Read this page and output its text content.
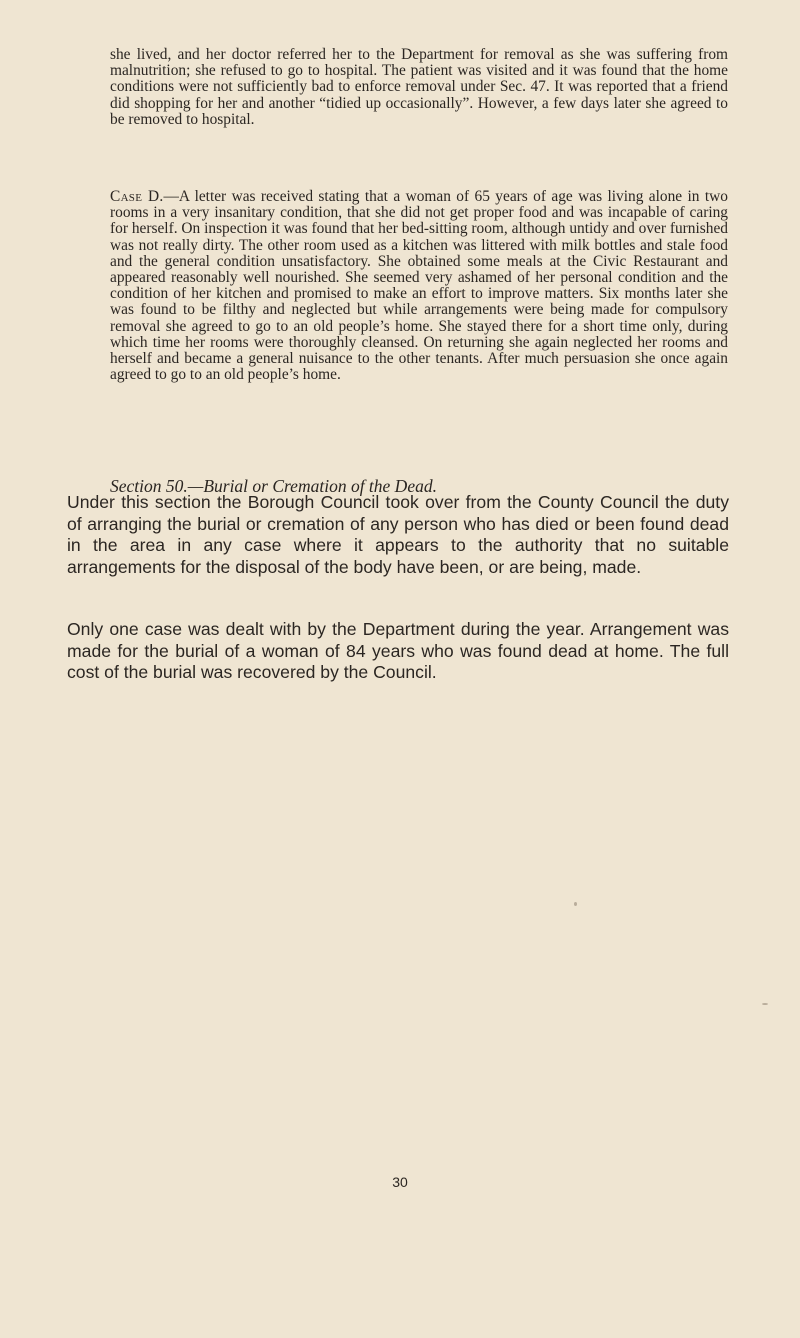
she lived, and her doctor referred her to the Department for removal as she was suffering from malnutrition; she refused to go to hospital. The patient was visited and it was found that the home conditions were not sufficiently bad to enforce removal under Sec. 47. It was reported that a friend did shopping for her and another “tidied up occasionally”. However, a few days later she agreed to be removed to hospital.

Case D.—A letter was received stating that a woman of 65 years of age was living alone in two rooms in a very insanitary condition, that she did not get proper food and was incapable of caring for herself. On inspection it was found that her bed-sitting room, although untidy and over furnished was not really dirty. The other room used as a kitchen was littered with milk bottles and stale food and the general condition unsatisfactory. She obtained some meals at the Civic Restaurant and appeared reasonably well nourished. She seemed very ashamed of her personal condition and the condition of her kitchen and promised to make an effort to improve matters. Six months later she was found to be filthy and neglected but while arrangements were being made for compulsory removal she agreed to go to an old people’s home. She stayed there for a short time only, during which time her rooms were thoroughly cleansed. On returning she again neglected her rooms and herself and became a general nuisance to the other tenants. After much persuasion she once again agreed to go to an old people’s home.

Section 50.—Burial or Cremation of the Dead.

Under this section the Borough Council took over from the County Council the duty of arranging the burial or cremation of any person who has died or been found dead in the area in any case where it appears to the authority that no suitable arrangements for the disposal of the body have been, or are being, made.

Only one case was dealt with by the Department during the year. Arrangement was made for the burial of a woman of 84 years who was found dead at home. The full cost of the burial was recovered by the Council.

30
